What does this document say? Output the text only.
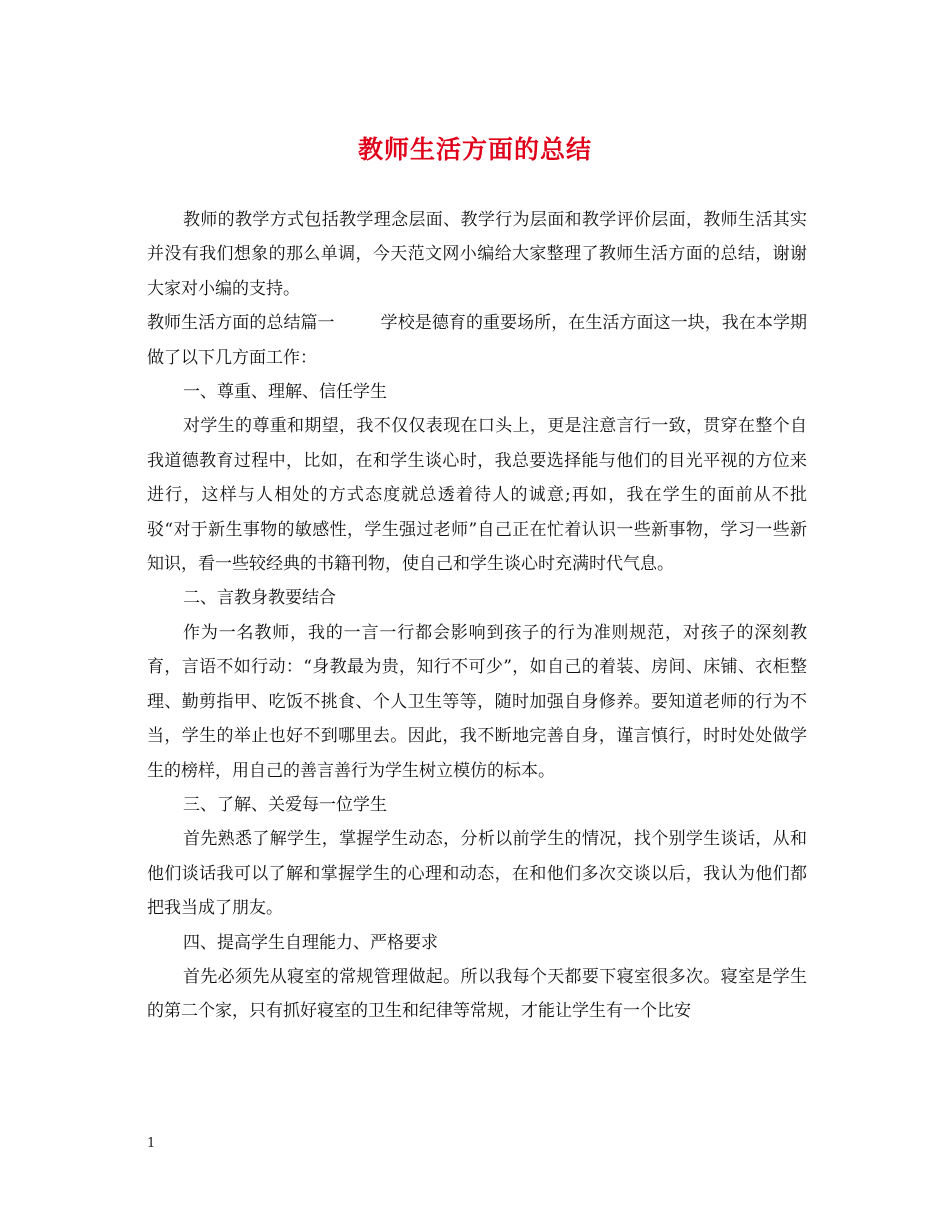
教师生活方面的总结

教师的教学方式包括教学理念层面、教学行为层面和教学评价层面，教师生活其实并没有我们想象的那么单调，今天范文网小编给大家整理了教师生活方面的总结，谢谢大家对小编的支持。

教师生活方面的总结篇一	学校是德育的重要场所，在生活方面这一块，我在本学期做了以下几方面工作：

一、尊重、理解、信任学生

对学生的尊重和期望，我不仅仅表现在口头上，更是注意言行一致，贯穿在整个自我道德教育过程中，比如，在和学生谈心时，我总要选择能与他们的目光平视的方位来进行，这样与人相处的方式态度就总透着待人的诚意;再如，我在学生的面前从不批驳“对于新生事物的敏感性，学生强过老师”自己正在忙着认识一些新事物，学习一些新知识，看一些较经典的书籍刊物，使自己和学生谈心时充满时代气息。

二、言教身教要结合

作为一名教师，我的一言一行都会影响到孩子的行为准则规范，对孩子的深刻教育，言语不如行动：“身教最为贵，知行不可少”，如自己的着装、房间、床铺、衣柜整理、勤剪指甲、吃饭不挑食、个人卫生等等，随时加强自身修养。要知道老师的行为不当，学生的举止也好不到哪里去。因此，我不断地完善自身，谨言慎行，时时处处做学生的榜样，用自己的善言善行为学生树立模仿的标本。

三、了解、关爱每一位学生

首先熟悉了解学生，掌握学生动态，分析以前学生的情况，找个别学生谈话，从和他们谈话我可以了解和掌握学生的心理和动态，在和他们多次交谈以后，我认为他们都把我当成了朋友。

四、提高学生自理能力、严格要求

首先必须先从寝室的常规管理做起。所以我每个天都要下寝室很多次。寝室是学生的第二个家，只有抓好寝室的卫生和纪律等常规，才能让学生有一个比安

1
